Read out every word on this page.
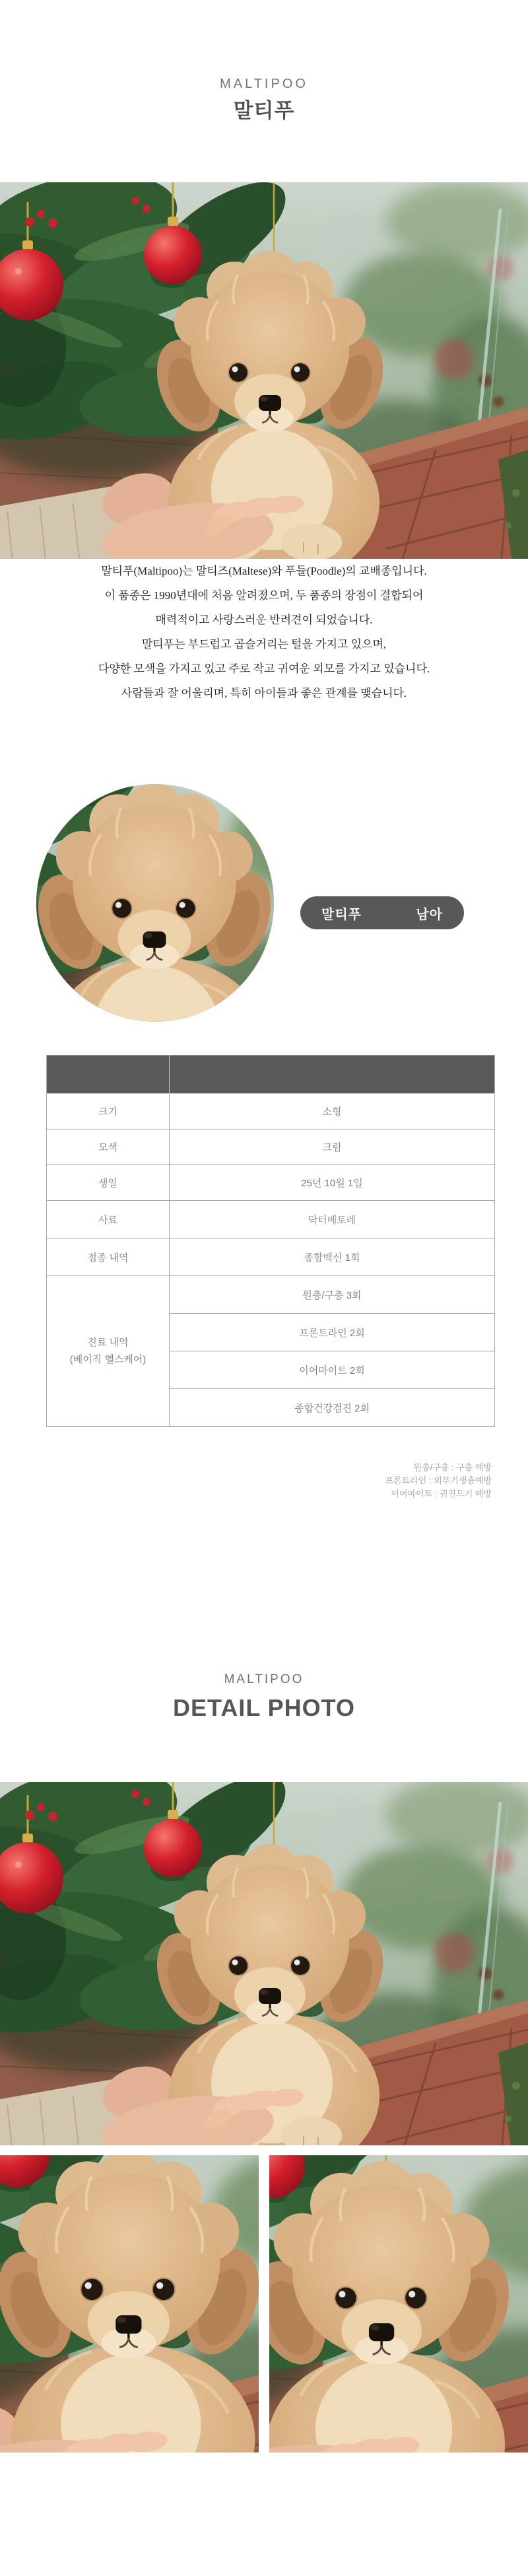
MALTIPOO
말티푸

말티푸(Maltipoo)는 말티즈(Maltese)와 푸들(Poodle)의 교배종입니다.

이 품종은 1990년대에 처음 알려졌으며, 두 품종의 장점이 결합되어
매력적이고 사랑스러운 반려견이 되었습니다.

말티푸는 부드럽고 곱슬거리는 털을 가지고 있으며,
다양한 모색을 가지고 있고 주로 작고 귀여운 외모를 가지고 있습니다.

사람들과 잘 어울리며, 특히 아이들과 좋은 관계를 맺습니다.

말티푸	남아

크기	소형
모색	크림
생일	25년 10월 1일
사료	닥터베토레
접종 내역	종합백신 1회

진료 내역
(베이직 헬스케어)	원충/구충 3회
	프론트라인 2회
	이어마이트 2회
	종합건강검진 2회
원충/구충 : 구충 예방
프론트라인 : 외부기생충예방
이어마이트 : 귀진드기 예방
MALTIPOO
DETAIL PHOTO
